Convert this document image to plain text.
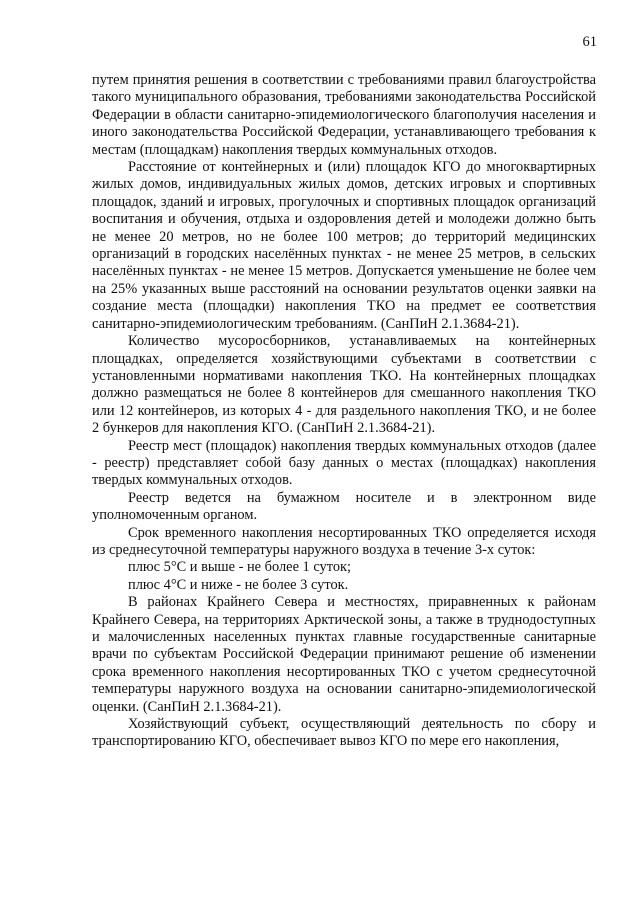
61

путем принятия решения в соответствии с требованиями правил благоустройства такого муниципального образования, требованиями законодательства Российской Федерации в области санитарно-эпидемиологического благополучия населения и иного законодательства Российской Федерации, устанавливающего требования к местам (площадкам) накопления твердых коммунальных отходов.

Расстояние от контейнерных и (или) площадок КГО до многоквартирных жилых домов, индивидуальных жилых домов, детских игровых и спортивных площадок, зданий и игровых, прогулочных и спортивных площадок организаций воспитания и обучения, отдыха и оздоровления детей и молодежи должно быть не менее 20 метров, но не более 100 метров; до территорий медицинских организаций в городских населённых пунктах - не менее 25 метров, в сельских населённых пунктах - не менее 15 метров. Допускается уменьшение не более чем на 25% указанных выше расстояний на основании результатов оценки заявки на создание места (площадки) накопления ТКО на предмет ее соответствия санитарно-эпидемиологическим требованиям. (СанПиН 2.1.3684-21).

Количество мусоросборников, устанавливаемых на контейнерных площадках, определяется хозяйствующими субъектами в соответствии с установленными нормативами накопления ТКО. На контейнерных площадках должно размещаться не более 8 контейнеров для смешанного накопления ТКО или 12 контейнеров, из которых 4 - для раздельного накопления ТКО, и не более 2 бункеров для накопления КГО. (СанПиН 2.1.3684-21).

Реестр мест (площадок) накопления твердых коммунальных отходов (далее - реестр) представляет собой базу данных о местах (площадках) накопления твердых коммунальных отходов.

Реестр ведется на бумажном носителе и в электронном виде уполномоченным органом.

Срок временного накопления несортированных ТКО определяется исходя из среднесуточной температуры наружного воздуха в течение 3-х суток:

плюс 5°С и выше - не более 1 суток;

плюс 4°С и ниже - не более 3 суток.

В районах Крайнего Севера и местностях, приравненных к районам Крайнего Севера, на территориях Арктической зоны, а также в труднодоступных и малочисленных населенных пунктах главные государственные санитарные врачи по субъектам Российской Федерации принимают решение об изменении срока временного накопления несортированных ТКО с учетом среднесуточной температуры наружного воздуха на основании санитарно-эпидемиологической оценки. (СанПиН 2.1.3684-21).

Хозяйствующий субъект, осуществляющий деятельность по сбору и транспортированию КГО, обеспечивает вывоз КГО по мере его накопления,
